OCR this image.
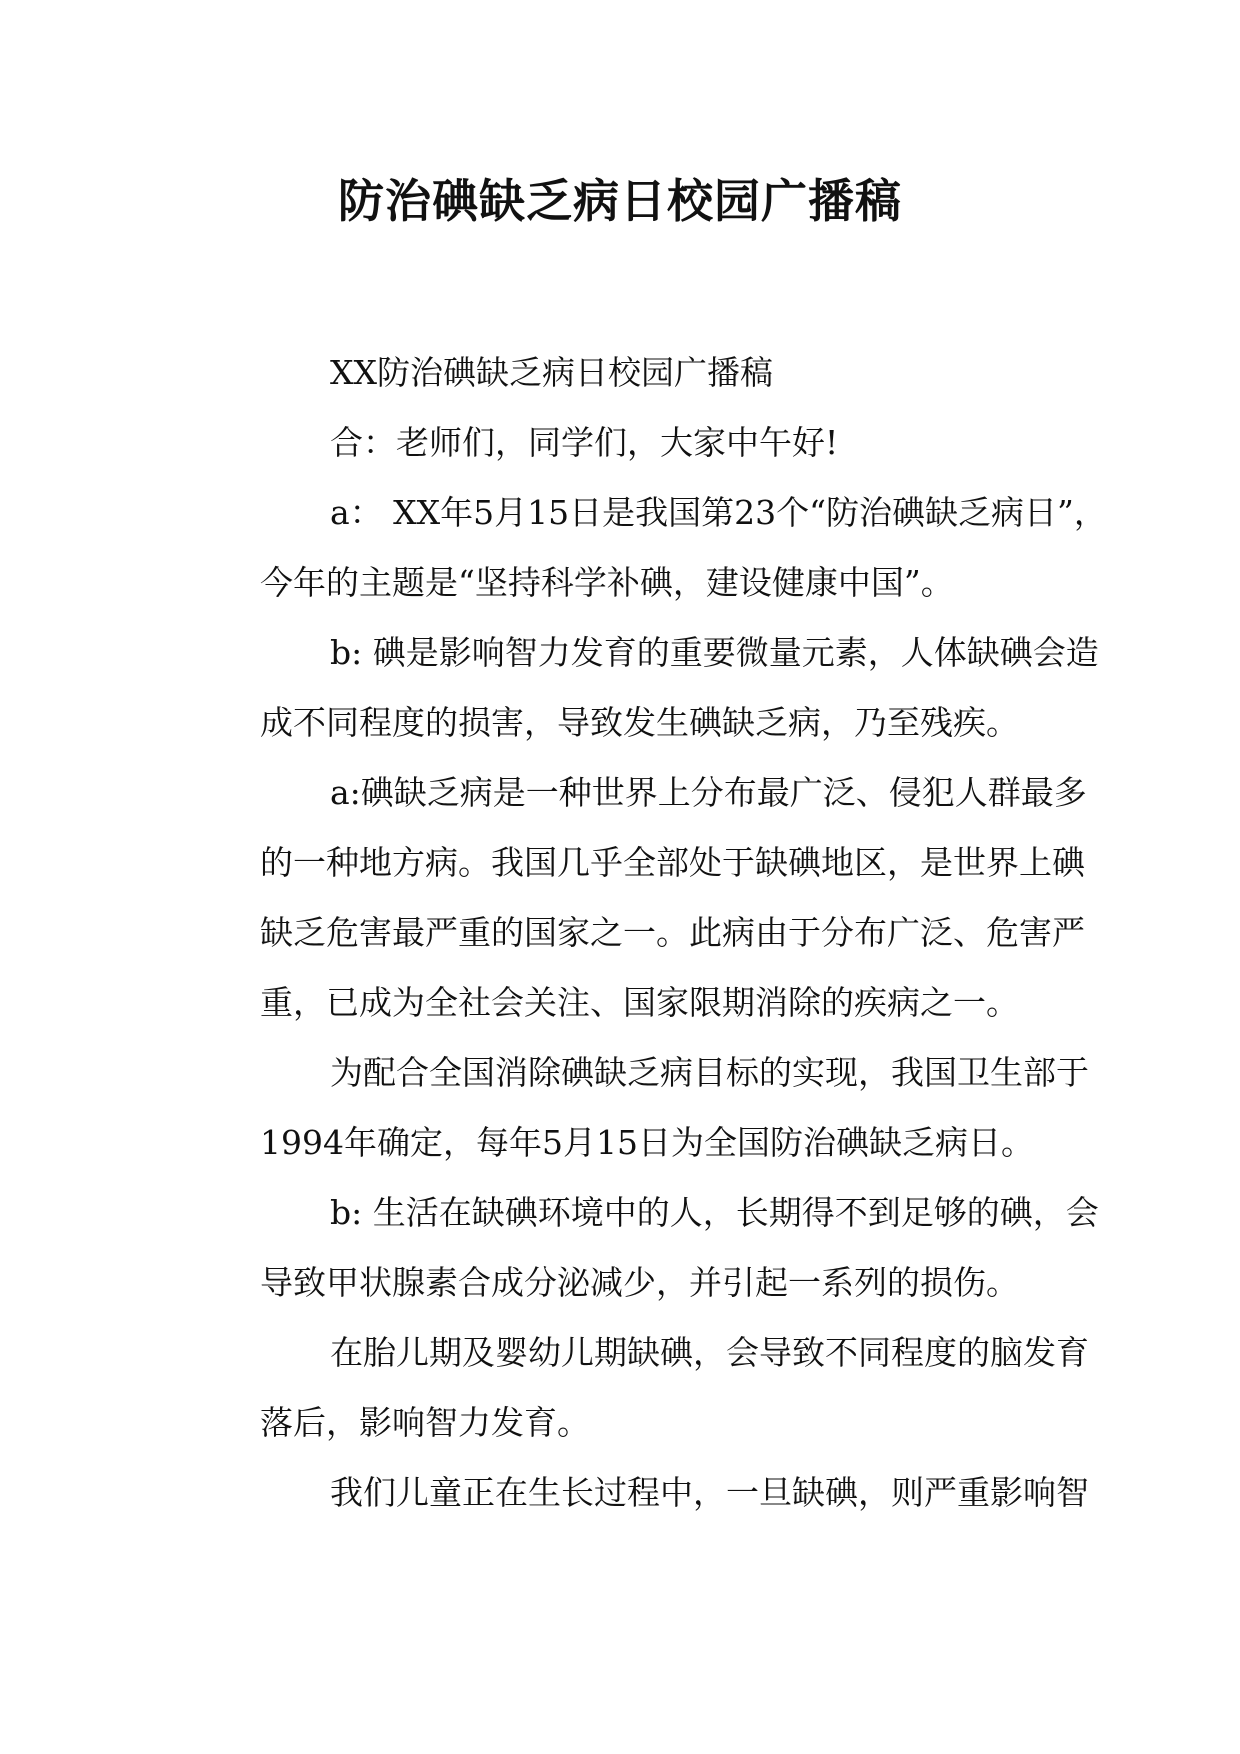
防治碘缺乏病日校园广播稿
XX防治碘缺乏病日校园广播稿
合：老师们，同学们，大家中午好!
a： XX年5月15日是我国第23个“防治碘缺乏病日”，
今年的主题是“坚持科学补碘，建设健康中国”。
b: 碘是影响智力发育的重要微量元素，人体缺碘会造
成不同程度的损害，导致发生碘缺乏病，乃至残疾。
a:碘缺乏病是一种世界上分布最广泛、侵犯人群最多
的一种地方病。我国几乎全部处于缺碘地区，是世界上碘
缺乏危害最严重的国家之一。此病由于分布广泛、危害严
重，已成为全社会关注、国家限期消除的疾病之一。
为配合全国消除碘缺乏病目标的实现，我国卫生部于
1994年确定，每年5月15日为全国防治碘缺乏病日。
b: 生活在缺碘环境中的人，长期得不到足够的碘，会
导致甲状腺素合成分泌减少，并引起一系列的损伤。
在胎儿期及婴幼儿期缺碘，会导致不同程度的脑发育
落后，影响智力发育。
我们儿童正在生长过程中，一旦缺碘，则严重影响智
